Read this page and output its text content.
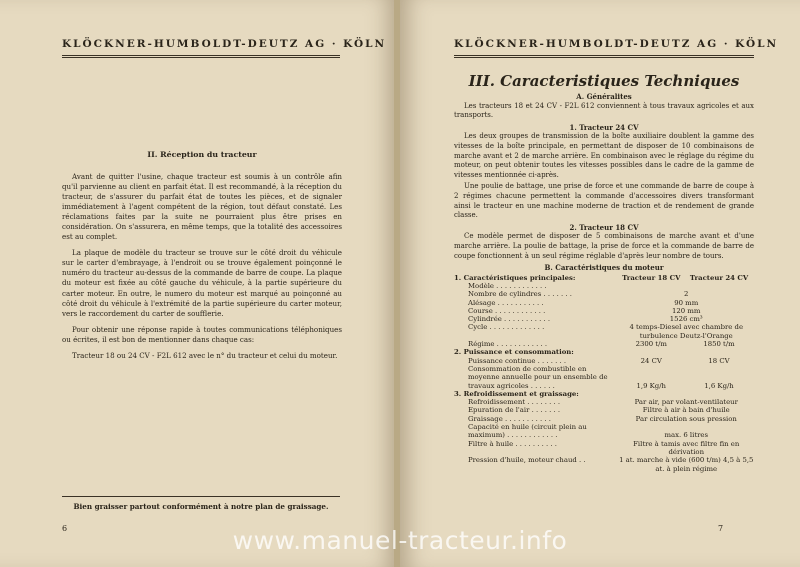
KLÖCKNER-HUMBOLDT-DEUTZ AG · KÖLN
II. Réception du tracteur

Avant de quitter l'usine, chaque tracteur est soumis à un contrôle afin qu'il parvienne au client en parfait état. Il est recommandé, à la réception du tracteur, de s'assurer du parfait état de toutes les pièces, et de signaler immédiatement à l'agent compétent de la région, tout défaut constaté. Les réclamations faites par la suite ne pourraient plus être prises en considération. On s'assurera, en même temps, que la totalité des accessoires est au complet.

La plaque de modèle du tracteur se trouve sur le côté droit du véhicule sur le carter d'embrayage, à l'endroit ou se trouve également poinçonné le numéro du tracteur au-dessus de la commande de barre de coupe. La plaque du moteur est fixée au côté gauche du véhicule, à la partie supérieure du carter moteur. En outre, le numero du moteur est marqué au poinçonné au côté droit du véhicule à l'extrémité de la partie supérieure du carter moteur, vers le raccordement du carter de soufflerie.

Pour obtenir une réponse rapide à toutes communications téléphoniques ou écrites, il est bon de mentionner dans chaque cas:

Tracteur 18 ou 24 CV - F2L 612 avec le n° du tracteur et celui du moteur.

Bien graisser partout conformément à notre plan de graissage.
6
KLÖCKNER-HUMBOLDT-DEUTZ AG · KÖLN
III. Caracteristiques Techniques
A. Généralites

Les tracteurs 18 et 24 CV - F2L 612 conviennent à tous travaux agricoles et aux transports.

1. Tracteur 24 CV

Les deux groupes de transmission de la boîte auxiliaire doublent la gamme des vitesses de la boîte principale, en permettant de disposer de 10 combinaisons de marche avant et 2 de marche arrière. En combinaison avec le réglage du régime du moteur, on peut obtenir toutes les vitesses possibles dans le cadre de la gamme de vitesses mentionnée ci-après.

Une poulie de battage, une prise de force et une commande de barre de coupe à 2 régimes chacune permettent la commande d'accessoires divers transformant ainsi le tracteur en une machine moderne de traction et de rendement de grande classe.

2. Tracteur 18 CV

Ce modèle permet de disposer de 5 combinaisons de marche avant et d'une marche arrière. La poulie de battage, la prise de force et la commande de barre de coupe fonctionnent à un seul régime réglable d'après leur nombre de tours.

B. Caractéristiques du moteur
1. Caractéristiques principales:	Tracteur 18 CV	Tracteur 24 CV
Modèle . . . . . . . . . . . .		
Nombre de cylindres . . . . . . .	2	
Alésage . . . . . . . . . . .	90 mm	
Course . . . . . . . . . . . .	120 mm	
Cylindrée . . . . . . . . . . .	1526 cm³	
Cycle . . . . . . . . . . . . .	4 temps-Diesel avec chambre de turbulence Deutz-l'Orange	
Régime . . . . . . . . . . . .	2300 t/m	1850 t/m
2. Puissance et consommation:		
Puissance continue . . . . . . .	24 CV	18 CV
Consommation de combustible en moyenne annuelle pour un ensemble de travaux agricoles . . . . . .	1,9 Kg/h	1,6 Kg/h
3. Refroidissement et graissage:		
Refroidissement . . . . . . . .	Par air, par volant-ventilateur	
Epuration de l'air . . . . . . .	Filtre à air à bain d'huile	
Graissage . . . . . . . . . . .	Par circulation sous pression	
Capacité en huile (circuit plein au maximum) . . . . . . . . . . . .	max. 6 litres	
Filtre à huile . . . . . . . . . .	Filtre à tamis avec filtre fin en dérivation	
Pression d'huile, moteur chaud . .	1 at. marche à vide (600 t/m) 4,5 à 5,5 at. à plein régime	
7
www.manuel-tracteur.info
